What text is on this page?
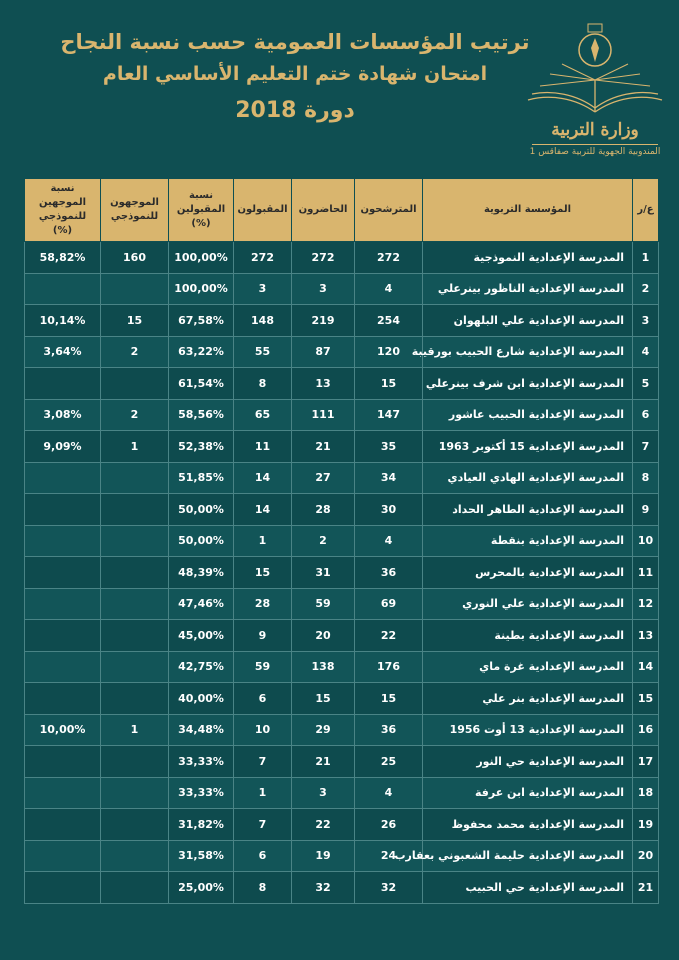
ترتيب المؤسسات العمومية حسب نسبة النجاح
امتحان شهادة ختم التعليم الأساسي العام
دورة 2018
وزارة التربية
المندوبية الجهوية للتربية صفاقس 1
ع/ر	المؤسسة التربوية	المترشحون	الحاضرون	المقبولون	نسبة المقبولين (%)	الموجهون للنموذجي	نسبة الموجهين للنموذجي (%)
1	المدرسة الإعدادية النموذجية	272	272	272	100,00%	160	58,82%
2	المدرسة الإعدادية الناظور بينرعلي	4	3	3	100,00%		
3	المدرسة الإعدادية علي البلهوان	254	219	148	67,58%	15	10,14%
4	المدرسة الإعدادية شارع الحبيب بورقيبة	120	87	55	63,22%	2	3,64%
5	المدرسة الإعدادية ابن شرف بينرعلي	15	13	8	61,54%		
6	المدرسة الإعدادية الحبيب عاشور	147	111	65	58,56%	2	3,08%
7	المدرسة الإعدادية 15 أكتوبر 1963	35	21	11	52,38%	1	9,09%
8	المدرسة الإعدادية الهادي العيادي	34	27	14	51,85%		
9	المدرسة الإعدادية الطاهر الحداد	30	28	14	50,00%		
10	المدرسة الإعدادية بنقطة	4	2	1	50,00%		
11	المدرسة الإعدادية بالمحرس	36	31	15	48,39%		
12	المدرسة الإعدادية علي النوري	69	59	28	47,46%		
13	المدرسة الإعدادية بطينة	22	20	9	45,00%		
14	المدرسة الإعدادية غرة ماي	176	138	59	42,75%		
15	المدرسة الإعدادية بنر علي	15	15	6	40,00%		
16	المدرسة الإعدادية 13 أوت 1956	36	29	10	34,48%	1	10,00%
17	المدرسة الإعدادية حي النور	25	21	7	33,33%		
18	المدرسة الإعدادية ابن عرفة	4	3	1	33,33%		
19	المدرسة الإعدادية محمد محفوظ	26	22	7	31,82%		
20	المدرسة الإعدادية حليمة الشعبوني بعقارب	24	19	6	31,58%		
21	المدرسة الإعدادية حي الحبيب	32	32	8	25,00%		
